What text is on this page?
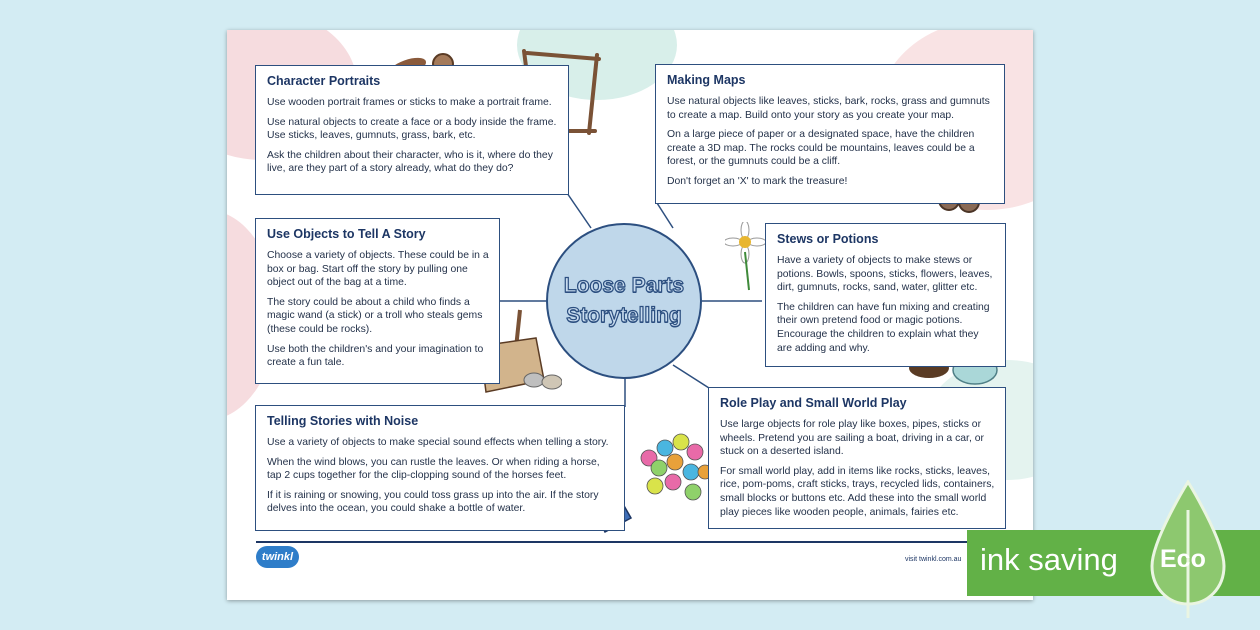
Character Portraits

Use wooden portrait frames or sticks to make a portrait frame.

Use natural objects to create a face or a body inside the frame. Use sticks, leaves, gumnuts, grass, bark, etc.

Ask the children about their character, who is it, where do they live, are they part of a story already, what do they do?

Making Maps

Use natural objects like leaves, sticks, bark, rocks, grass and gumnuts to create a map. Build onto your story as you create your map.

On a large piece of paper or a designated space, have the children create a 3D map. The rocks could be mountains, leaves could be a forest, or the gumnuts could be a cliff.

Don't forget an 'X' to mark the treasure!

Use Objects to Tell A Story

Choose a variety of objects. These could be in a box or bag. Start off the story by pulling one object out of the bag at a time.

The story could be about a child who finds a magic wand (a stick) or a troll who steals gems (these could be rocks).

Use both the children's and your imagination to create a fun tale.

Stews or Potions

Have a variety of objects to make stews or potions. Bowls, spoons, sticks, flowers, leaves, dirt, gumnuts, rocks, sand, water, glitter etc.

The children can have fun mixing and creating their own pretend food or magic potions. Encourage the children to explain what they are adding and why.

Telling Stories with Noise

Use a variety of objects to make special sound effects when telling a story.

When the wind blows, you can rustle the leaves. Or when riding a horse, tap 2 cups together for the clip-clopping sound of the horses feet.

If it is raining or snowing, you could toss grass up into the air. If the story delves into the ocean, you could shake a bottle of water.

Role Play and Small World Play

Use large objects for role play like boxes, pipes, sticks or wheels. Pretend you are sailing a boat, driving in a car, or stuck on a deserted island.

For small world play, add in items like rocks, sticks, leaves, rice, pom-poms, craft sticks, trays, recycled lids, containers, small blocks or buttons etc. Add these into the small world play pieces like wooden people, animals, fairies etc.

Loose Parts
Storytelling
twinkl	visit twinkl.com.au ink saving Eco
